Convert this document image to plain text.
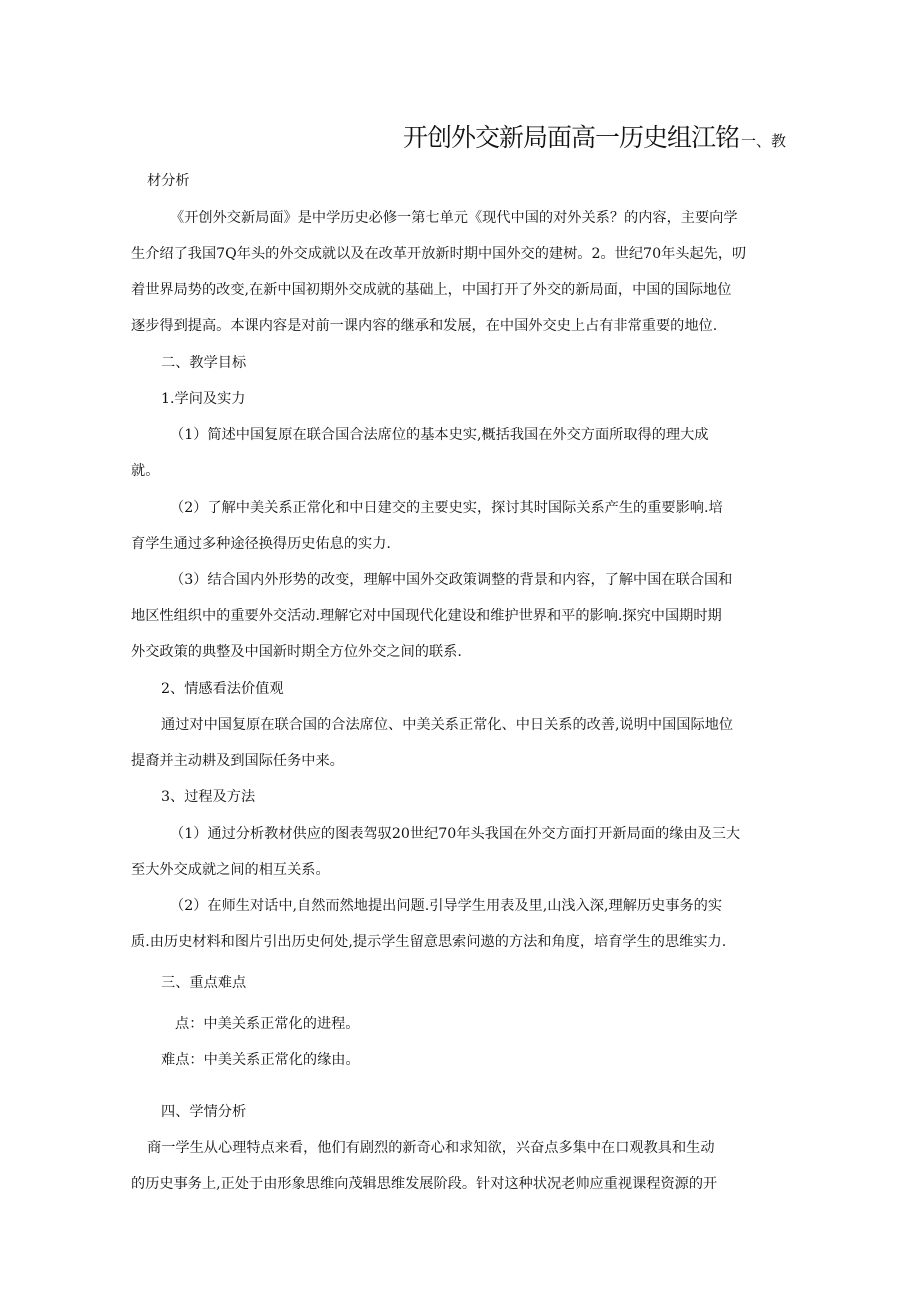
开创外交新局面高一历史组江铭 一、教
材分析
《开创外交新局面》是中学历史必修一第七单元《现代中国的对外关系？的内容，主要向学
生介绍了我国7Q年头的外交成就以及在改革开放新时期中国外交的建树。2。世纪70年头起先，叨
着世界局势的改变,在新中国初期外交成就的基础上，中国打开了外交的新局面，中国的国际地位
逐步得到提高。本课内容是对前一课内容的继承和发展，在中国外交史上占有非常重要的地位.
二、教学目标
1.学问及实力
（1）简述中国复原在联合国合法席位的基本史实,概括我国在外交方面所取得的理大成
就。
（2）了解中美关系正常化和中日建交的主要史实，探讨其时国际关系产生的重要影响.培
育学生通过多种途径换得历史佑息的实力.
（3）结合国内外形势的改变，理解中国外交政策调整的背景和内容，了解中国在联合国和
地区性组织中的重要外交活动.理解它对中国现代化建设和维护世界和平的影响.探究中国期时期
外交政策的典整及中国新时期全方位外交之间的联系.
2、情感看法价值观
通过对中国复原在联合国的合法席位、中美关系正常化、中日关系的改善,说明中国国际地位
提裔并主动耕及到国际任务中来。
3、过程及方法
（1）通过分析教材供应的图表驾驭20世纪70年头我国在外交方面打开新局面的缘由及三大
至大外交成就之间的相互关系。
（2）在师生对话中,自然而然地提出问题.引导学生用表及里,山浅入深,理解历史事务的实
质.由历史材料和图片引出历史何处,提示学生留意思索问遨的方法和角度，培育学生的思维实力.
三、重点难点
点：中美关系正常化的进程。
难点：中美关系正常化的缘由。
四、学情分析
商一学生从心理特点来看，他们有剧烈的新奇心和求知欲，兴奋点多集中在口观教具和生动
的历史事务上,正处于由形象思维向茂辑思维发展阶段。针对这种状况老帅应重视课程资源的开
